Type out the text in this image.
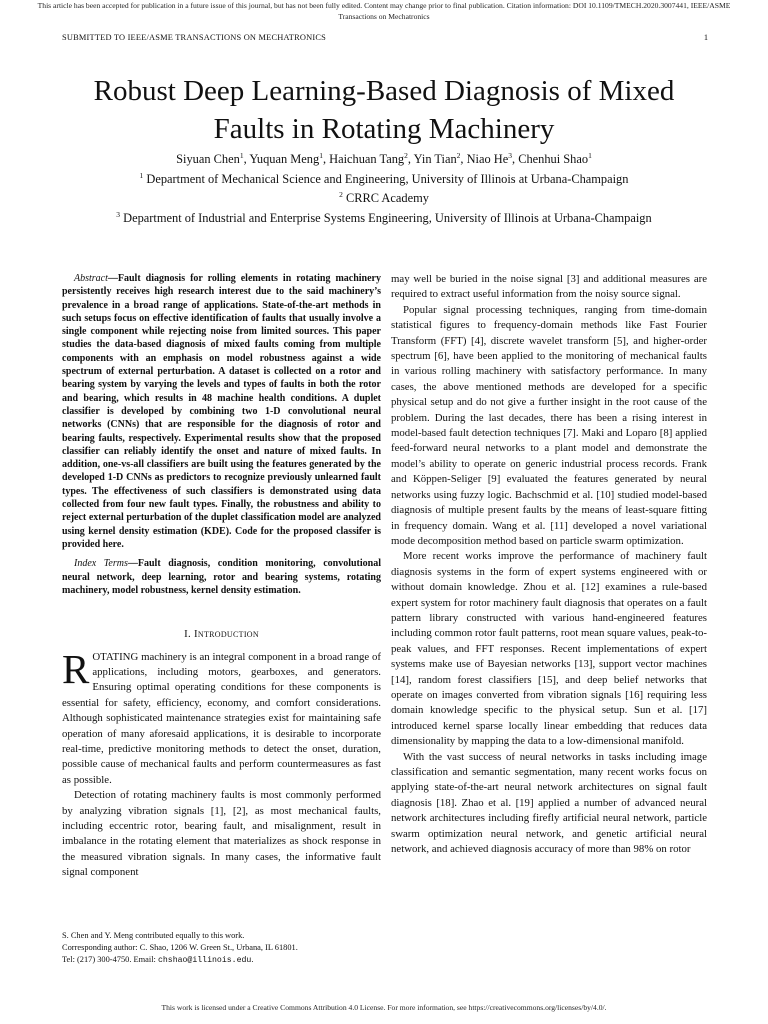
This article has been accepted for publication in a future issue of this journal, but has not been fully edited. Content may change prior to final publication. Citation information: DOI 10.1109/TMECH.2020.3007441, IEEE/ASME
Transactions on Mechatronics
SUBMITTED TO IEEE/ASME TRANSACTIONS ON MECHATRONICS	1
Robust Deep Learning-Based Diagnosis of Mixed
Faults in Rotating Machinery
Siyuan Chen$^1$, Yuquan Meng$^1$, Haichuan Tang$^2$, Yin Tian$^2$, Niao He$^3$, Chenhui Shao$^1$
$^1$ Department of Mechanical Science and Engineering, University of Illinois at Urbana-Champaign
$^2$ CRRC Academy
$^3$ Department of Industrial and Enterprise Systems Engineering, University of Illinois at Urbana-Champaign

Abstract—Fault diagnosis for rolling elements in rotating machinery persistently receives high research interest due to the said machinery’s prevalence in a broad range of applications. State-of-the-art methods in such setups focus on effective identification of faults that usually involve a single component while rejecting noise from limited sources. This paper studies the data-based diagnosis of mixed faults coming from multiple components with an emphasis on model robustness against a wide spectrum of external perturbation. A dataset is collected on a rotor and bearing system by varying the levels and types of faults in both the rotor and bearing, which results in 48 machine health conditions. A duplet classifier is developed by combining two 1-D convolutional neural networks (CNNs) that are responsible for the diagnosis of rotor and bearing faults, respectively. Experimental results show that the proposed classifier can reliably identify the onset and nature of mixed faults. In addition, one-vs-all classifiers are built using the features generated by the developed 1-D CNNs as predictors to recognize previously unlearned fault types. The effectiveness of such classifiers is demonstrated using data collected from four new fault types. Finally, the robustness and ability to reject external perturbation of the duplet classification model are analyzed using kernel density estimation (KDE). Code for the proposed classifer is provided here.

Index Terms—Fault diagnosis, condition monitoring, convolutional neural network, deep learning, rotor and bearing systems, rotating machinery, model robustness, kernel density estimation.

I. Introduction

ROTATING machinery is an integral component in a broad range of applications, including motors, gearboxes, and generators. Ensuring optimal operating conditions for these components is essential for safety, efficiency, economy, and comfort considerations. Although sophisticated maintenance strategies exist for maintaining safe operation of many aforesaid applications, it is desirable to incorporate real-time, predictive monitoring methods to detect the onset, duration, possible cause of mechanical faults and perform countermeasures as fast as possible.

Detection of rotating machinery faults is most commonly performed by analyzing vibration signals [1], [2], as most mechanical faults, including eccentric rotor, bearing fault, and misalignment, result in imbalance in the rotating element that materializes as shock response in the measured vibration signals. In many cases, the informative fault signal component

may well be buried in the noise signal [3] and additional measures are required to extract useful information from the noisy source signal.

Popular signal processing techniques, ranging from time-domain statistical figures to frequency-domain methods like Fast Fourier Transform (FFT) [4], discrete wavelet transform [5], and higher-order spectrum [6], have been applied to the monitoring of mechanical faults in various rolling machinery with satisfactory performance. In many cases, the above mentioned methods are developed for a specific physical setup and do not give a further insight in the root cause of the problem. During the last decades, there has been a rising interest in model-based fault detection techniques [7]. Maki and Loparo [8] applied feed-forward neural networks to a plant model and demonstrate the model’s ability to operate on generic industrial process records. Frank and Köppen-Seliger [9] evaluated the features generated by neural networks using fuzzy logic. Bachschmid et al. [10] studied model-based diagnosis of multiple present faults by the means of least-square fitting in frequency domain. Wang et al. [11] developed a novel variational mode decomposition method based on particle swarm optimization.

More recent works improve the performance of machinery fault diagnosis systems in the form of expert systems engineered with or without domain knowledge. Zhou et al. [12] examines a rule-based expert system for rotor machinery fault diagnosis that operates on a fault pattern library constructed with various hand-engineered features including common rotor fault patterns, root mean square values, peak-to-peak values, and FFT responses. Recent implementations of expert systems make use of Bayesian networks [13], support vector machines [14], random forest classifiers [15], and deep belief networks that operate on images converted from vibration signals [16] requiring less domain knowledge specific to the physical setup. Sun et al. [17] introduced kernel sparse locally linear embedding that reduces data dimensionality by mapping the data to a low-dimensional manifold.

With the vast success of neural networks in tasks including image classification and semantic segmentation, many recent works focus on applying state-of-the-art neural network architectures on signal fault diagnosis [18]. Zhao et al. [19] applied a number of advanced neural network architectures including firefly artificial neural network, particle swarm optimization neural network, and genetic artificial neural network, and achieved diagnosis accuracy of more than 98% on rotor

S. Chen and Y. Meng contributed equally to this work.
Corresponding author: C. Shao, 1206 W. Green St., Urbana, IL 61801.
Tel: (217) 300-4750. Email: chshao@illinois.edu.
This work is licensed under a Creative Commons Attribution 4.0 License. For more information, see https://creativecommons.org/licenses/by/4.0/.
